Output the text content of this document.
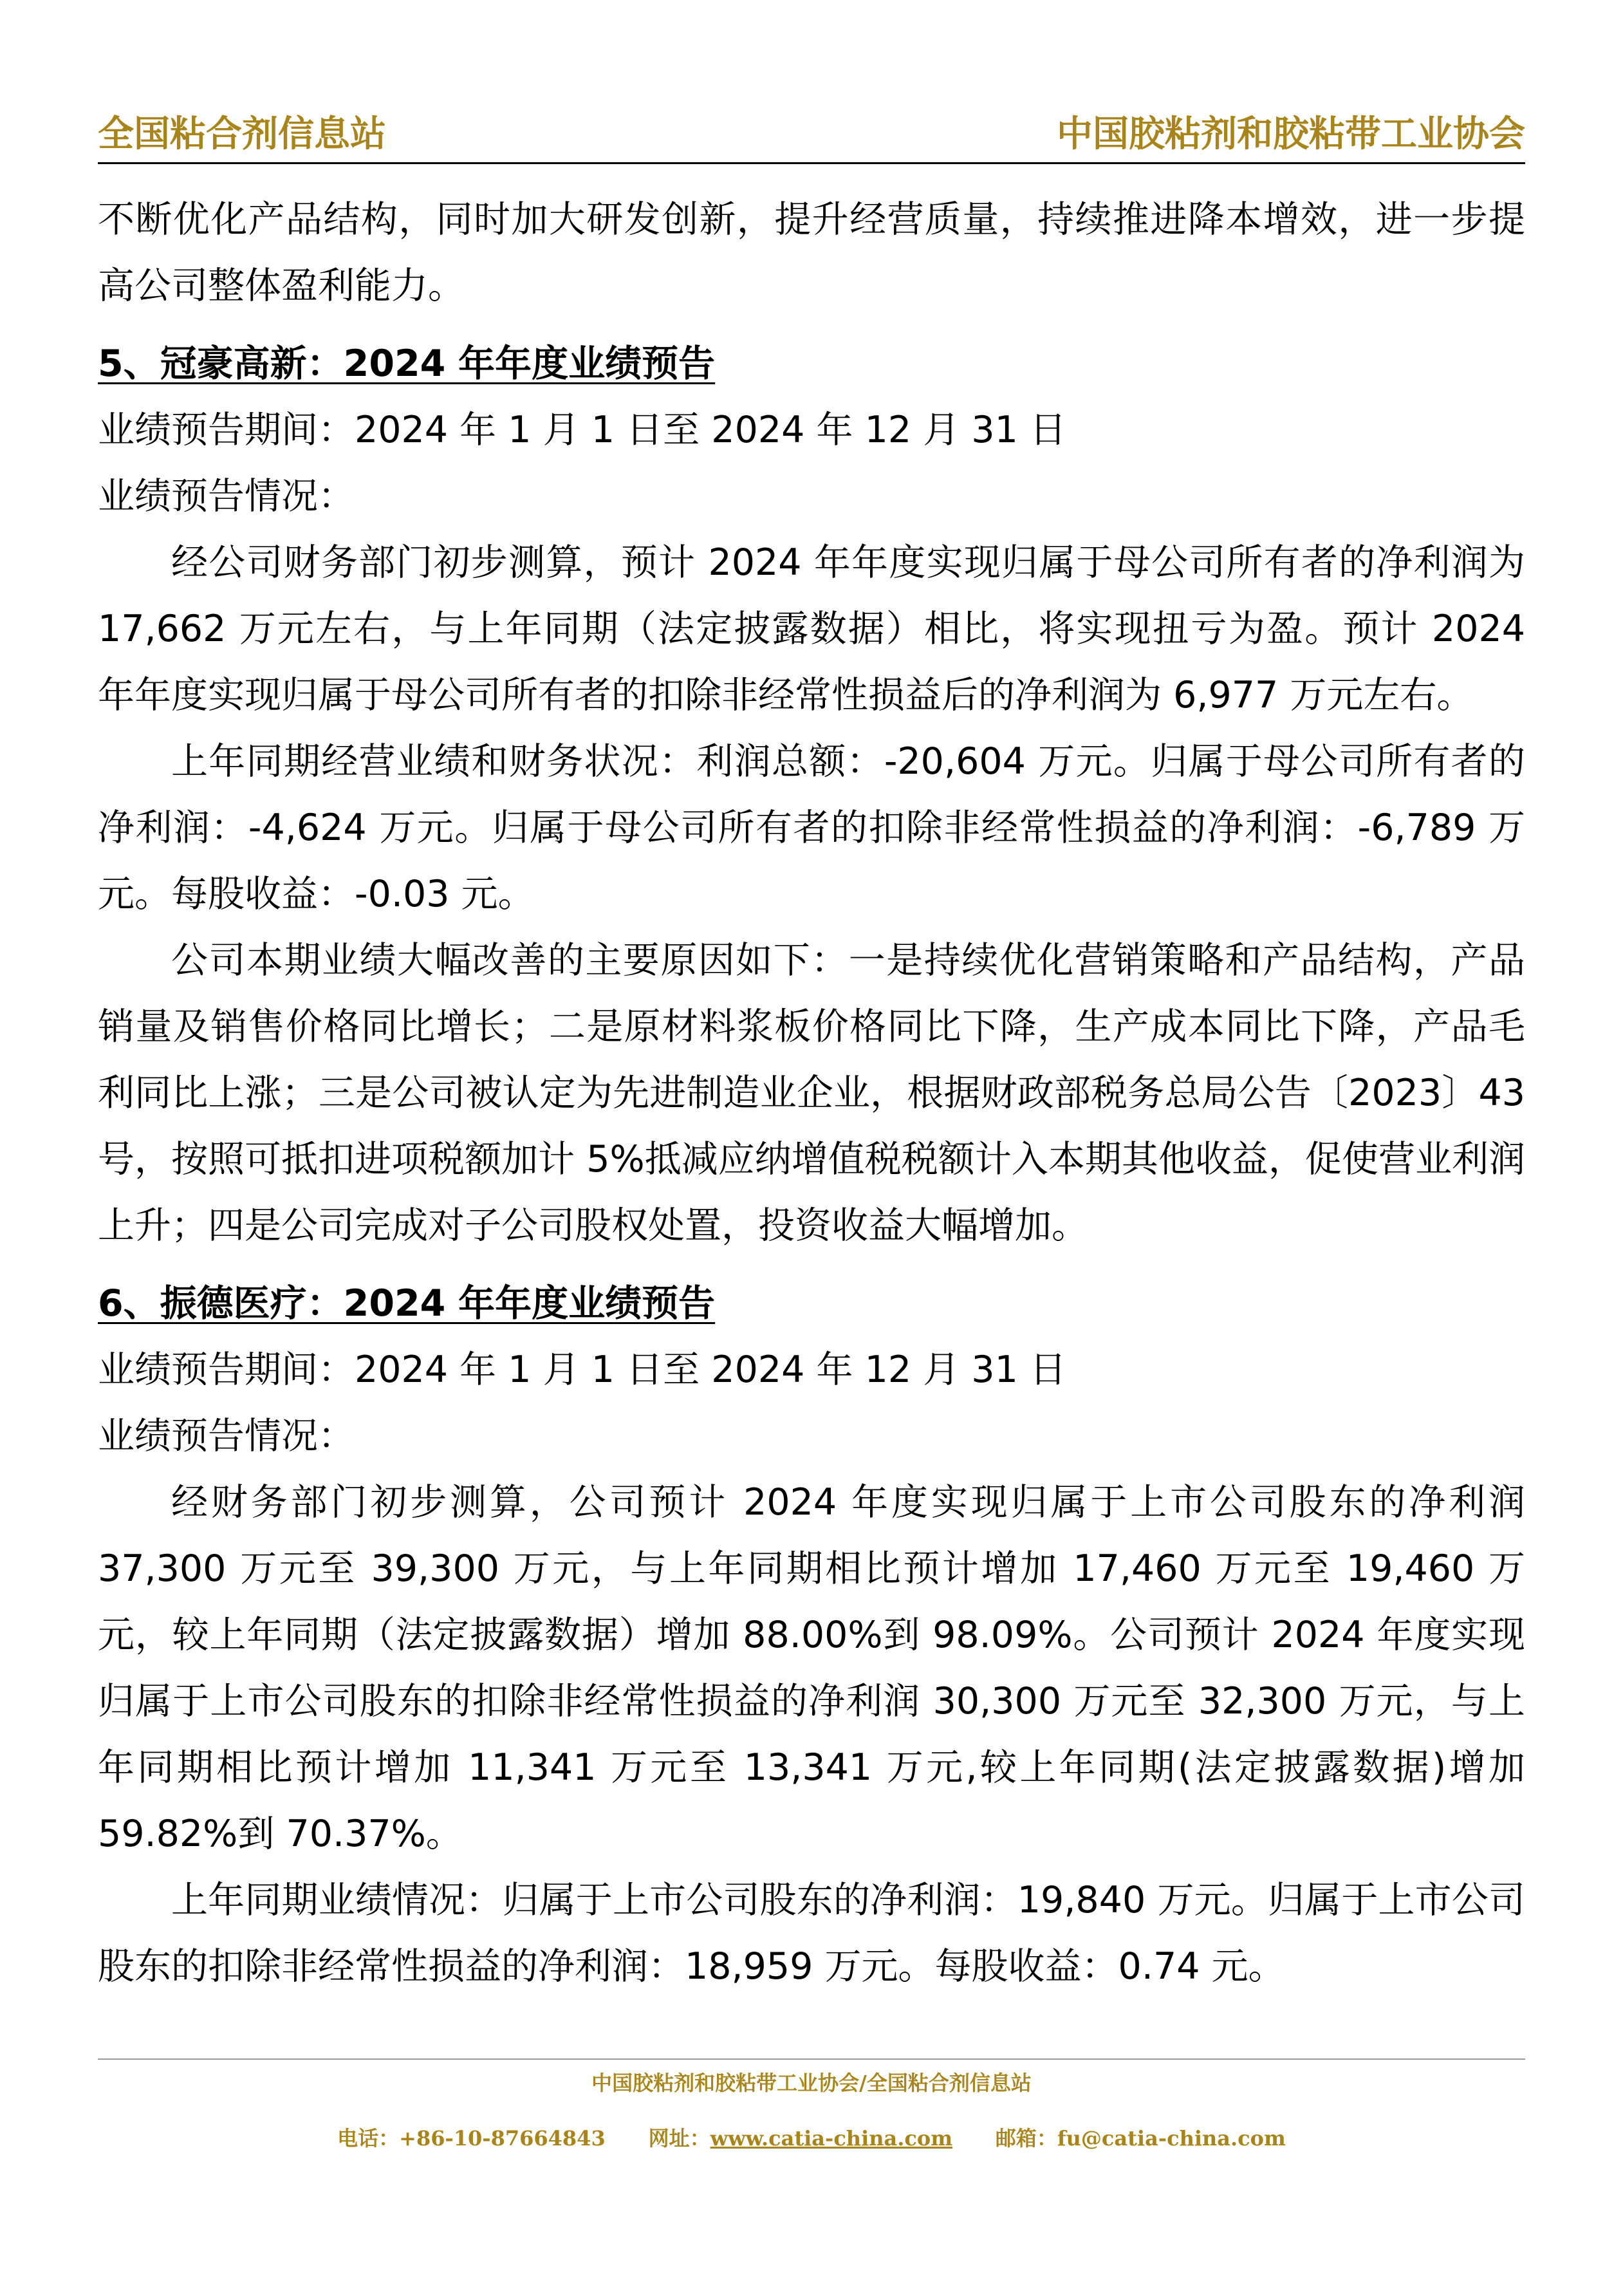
全国粘合剂信息站	中国胶粘剂和胶粘带工业协会

不断优化产品结构，同时加大研发创新，提升经营质量，持续推进降本增效，进一步提高公司整体盈利能力。

5、冠豪高新：2024 年年度业绩预告

业绩预告期间：2024 年 1 月 1 日至 2024 年 12 月 31 日

业绩预告情况：

经公司财务部门初步测算，预计 2024 年年度实现归属于母公司所有者的净利润为 17,662 万元左右，与上年同期（法定披露数据）相比，将实现扭亏为盈。预计 2024 年年度实现归属于母公司所有者的扣除非经常性损益后的净利润为 6,977 万元左右。

上年同期经营业绩和财务状况：利润总额：-20,604 万元。归属于母公司所有者的净利润：-4,624 万元。归属于母公司所有者的扣除非经常性损益的净利润：-6,789 万元。每股收益：-0.03 元。

公司本期业绩大幅改善的主要原因如下：一是持续优化营销策略和产品结构，产品销量及销售价格同比增长；二是原材料浆板价格同比下降，生产成本同比下降，产品毛利同比上涨；三是公司被认定为先进制造业企业，根据财政部税务总局公告〔2023〕43 号，按照可抵扣进项税额加计 5%抵减应纳增值税税额计入本期其他收益，促使营业利润上升；四是公司完成对子公司股权处置，投资收益大幅增加。

6、振德医疗：2024 年年度业绩预告

业绩预告期间：2024 年 1 月 1 日至 2024 年 12 月 31 日

业绩预告情况：

经财务部门初步测算，公司预计 2024 年度实现归属于上市公司股东的净利润 37,300 万元至 39,300 万元，与上年同期相比预计增加 17,460 万元至 19,460 万元，较上年同期（法定披露数据）增加 88.00%到 98.09%。公司预计 2024 年度实现归属于上市公司股东的扣除非经常性损益的净利润 30,300 万元至 32,300 万元，与上年同期相比预计增加 11,341 万元至 13,341 万元,较上年同期(法定披露数据)增加 59.82%到 70.37%。

上年同期业绩情况：归属于上市公司股东的净利润：19,840 万元。归属于上市公司股东的扣除非经常性损益的净利润：18,959 万元。每股收益：0.74 元。

中国胶粘剂和胶粘带工业协会/全国粘合剂信息站
电话：+86-10-87664843 网址：www.catia-china.com 邮箱：fu@catia-china.com
